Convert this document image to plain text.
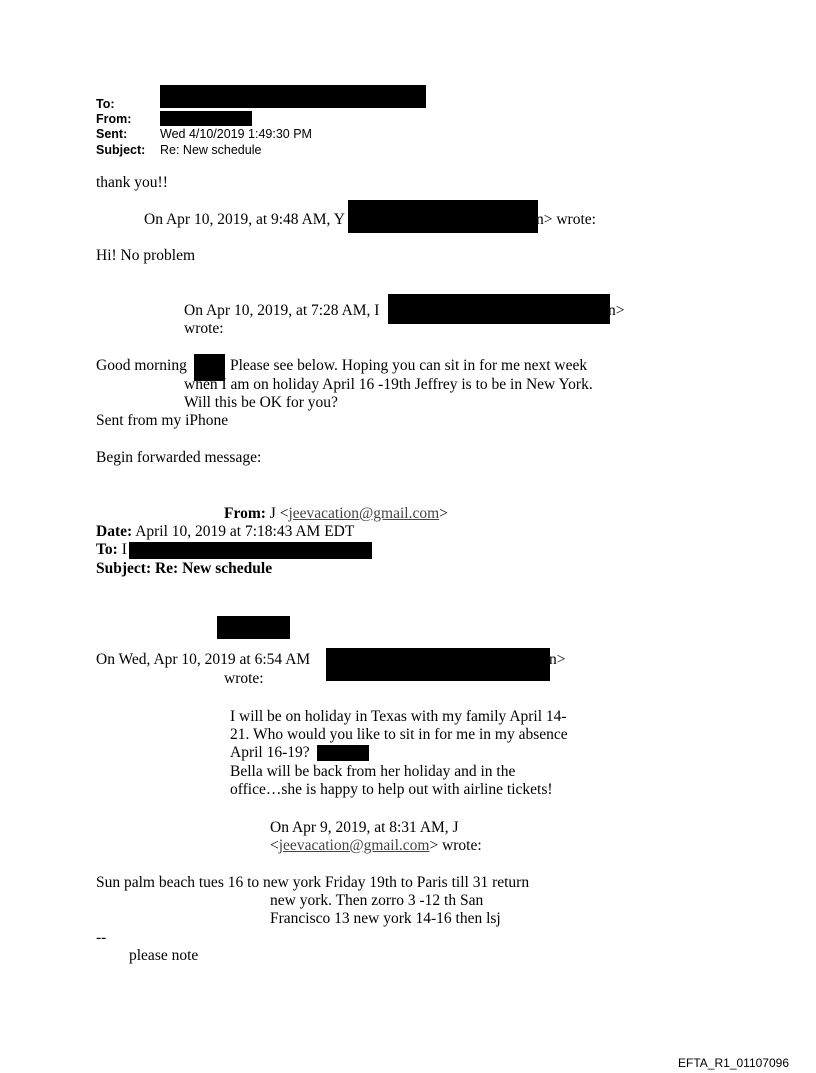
To:
From:
Sent:	Wed 4/10/2019 1:49:30 PM
Subject: Re: New schedule
thank you!!
On Apr 10, 2019, at 9:48 AM, Y	n> wrote:
Hi! No problem
On Apr 10, 2019, at 7:28 AM, I	n>
wrote:
Good morning	Please see below. Hoping you can sit in for me next week
when I am on holiday April 16 -19th Jeffrey is to be in New York.
Will this be OK for you?
Sent from my iPhone
Begin forwarded message:
From: J <jeevacation@gmail.com>
Date: April 10, 2019 at 7:18:43 AM EDT
To: I
Subject: Re: New schedule
On Wed, Apr 10, 2019 at 6:54 AM	n>
wrote:
I will be on holiday in Texas with my family April 14-
21. Who would you like to sit in for me in my absence
April 16-19?
Bella will be back from her holiday and in the
office…she is happy to help out with airline tickets!
On Apr 9, 2019, at 8:31 AM, J
<jeevacation@gmail.com> wrote:
Sun palm beach tues 16 to new york Friday 19th to Paris till 31 return
new york. Then zorro 3 -12 th San
Francisco 13 new york 14-16 then lsj
--
please note
EFTA_R1_01107096
